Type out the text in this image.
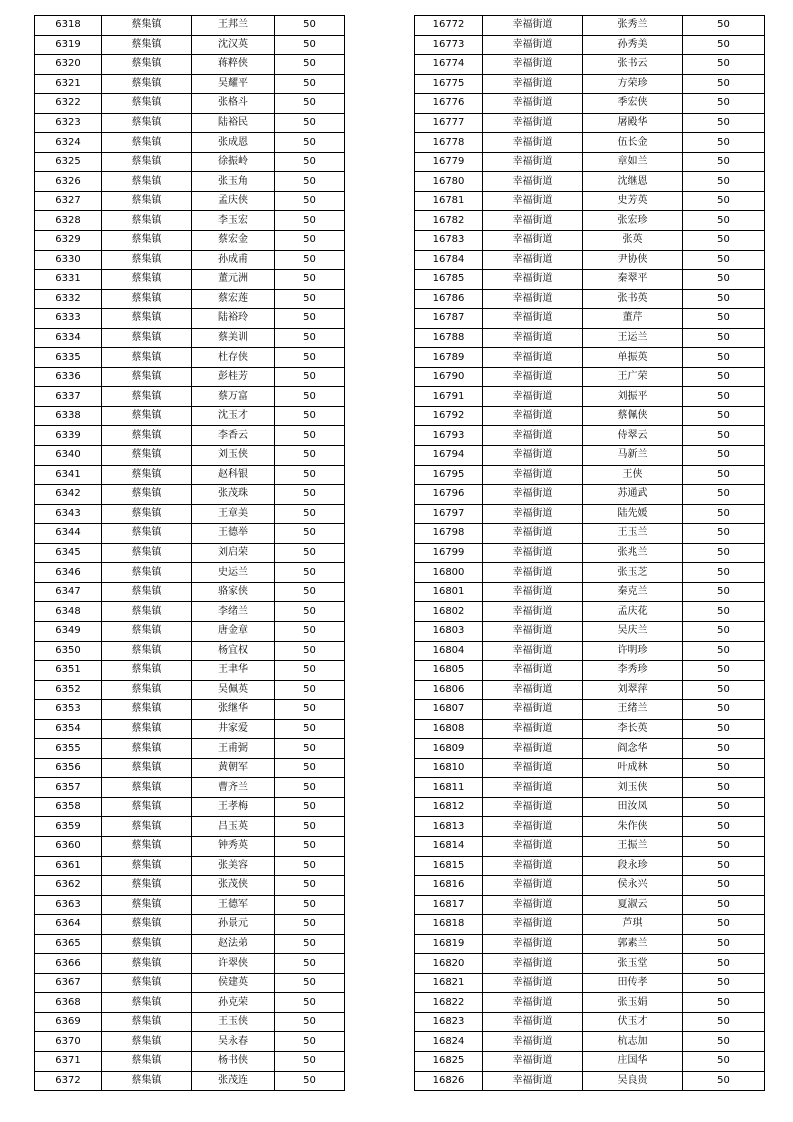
6318	蔡集镇	王邦兰	50
6319	蔡集镇	沈汉英	50
6320	蔡集镇	蒋粹侠	50
6321	蔡集镇	吴耀平	50
6322	蔡集镇	张格斗	50
6323	蔡集镇	陆裕民	50
6324	蔡集镇	张成恩	50
6325	蔡集镇	徐振岭	50
6326	蔡集镇	张玉角	50
6327	蔡集镇	孟庆侠	50
6328	蔡集镇	李玉宏	50
6329	蔡集镇	蔡宏金	50
6330	蔡集镇	孙成甫	50
6331	蔡集镇	董元洲	50
6332	蔡集镇	蔡宏莲	50
6333	蔡集镇	陆裕玲	50
6334	蔡集镇	蔡美训	50
6335	蔡集镇	杜存侠	50
6336	蔡集镇	彭桂芳	50
6337	蔡集镇	蔡万富	50
6338	蔡集镇	沈玉才	50
6339	蔡集镇	李香云	50
6340	蔡集镇	刘玉侠	50
6341	蔡集镇	赵科银	50
6342	蔡集镇	张茂珠	50
6343	蔡集镇	王章美	50
6344	蔡集镇	王德举	50
6345	蔡集镇	刘启荣	50
6346	蔡集镇	史运兰	50
6347	蔡集镇	骆家侠	50
6348	蔡集镇	李绪兰	50
6349	蔡集镇	唐金章	50
6350	蔡集镇	杨宜权	50
6351	蔡集镇	王聿华	50
6352	蔡集镇	吴佩英	50
6353	蔡集镇	张继华	50
6354	蔡集镇	井家爱	50
6355	蔡集镇	王甫弼	50
6356	蔡集镇	黄朝军	50
6357	蔡集镇	曹齐兰	50
6358	蔡集镇	王孝梅	50
6359	蔡集镇	吕玉英	50
6360	蔡集镇	钟秀英	50
6361	蔡集镇	张美容	50
6362	蔡集镇	张茂侠	50
6363	蔡集镇	王德军	50
6364	蔡集镇	孙景元	50
6365	蔡集镇	赵法弟	50
6366	蔡集镇	许翠侠	50
6367	蔡集镇	侯建英	50
6368	蔡集镇	孙克荣	50
6369	蔡集镇	王玉侠	50
6370	蔡集镇	吴永春	50
6371	蔡集镇	杨书侠	50
6372	蔡集镇	张茂连	50
16772	幸福街道	张秀兰	50
16773	幸福街道	孙秀美	50
16774	幸福街道	张书云	50
16775	幸福街道	方荣珍	50
16776	幸福街道	季宏侠	50
16777	幸福街道	屠殿华	50
16778	幸福街道	伍长金	50
16779	幸福街道	章如兰	50
16780	幸福街道	沈继恩	50
16781	幸福街道	史芳英	50
16782	幸福街道	张宏珍	50
16783	幸福街道	张英	50
16784	幸福街道	尹协侠	50
16785	幸福街道	秦翠平	50
16786	幸福街道	张书英	50
16787	幸福街道	董芹	50
16788	幸福街道	王运兰	50
16789	幸福街道	单振英	50
16790	幸福街道	王广荣	50
16791	幸福街道	刘振平	50
16792	幸福街道	蔡佩侠	50
16793	幸福街道	侍翠云	50
16794	幸福街道	马新兰	50
16795	幸福街道	王侠	50
16796	幸福街道	苏通武	50
16797	幸福街道	陆先媛	50
16798	幸福街道	王玉兰	50
16799	幸福街道	张兆兰	50
16800	幸福街道	张玉芝	50
16801	幸福街道	秦克兰	50
16802	幸福街道	孟庆花	50
16803	幸福街道	吴庆兰	50
16804	幸福街道	许明珍	50
16805	幸福街道	李秀珍	50
16806	幸福街道	刘翠萍	50
16807	幸福街道	王绪兰	50
16808	幸福街道	李长英	50
16809	幸福街道	阎念华	50
16810	幸福街道	叶成林	50
16811	幸福街道	刘玉侠	50
16812	幸福街道	田汝凤	50
16813	幸福街道	朱作侠	50
16814	幸福街道	王振兰	50
16815	幸福街道	段永珍	50
16816	幸福街道	侯永兴	50
16817	幸福街道	夏淑云	50
16818	幸福街道	芦琪	50
16819	幸福街道	郭素兰	50
16820	幸福街道	张玉堂	50
16821	幸福街道	田传孝	50
16822	幸福街道	张玉娟	50
16823	幸福街道	伏玉才	50
16824	幸福街道	杭志加	50
16825	幸福街道	庄国华	50
16826	幸福街道	吴良贵	50
